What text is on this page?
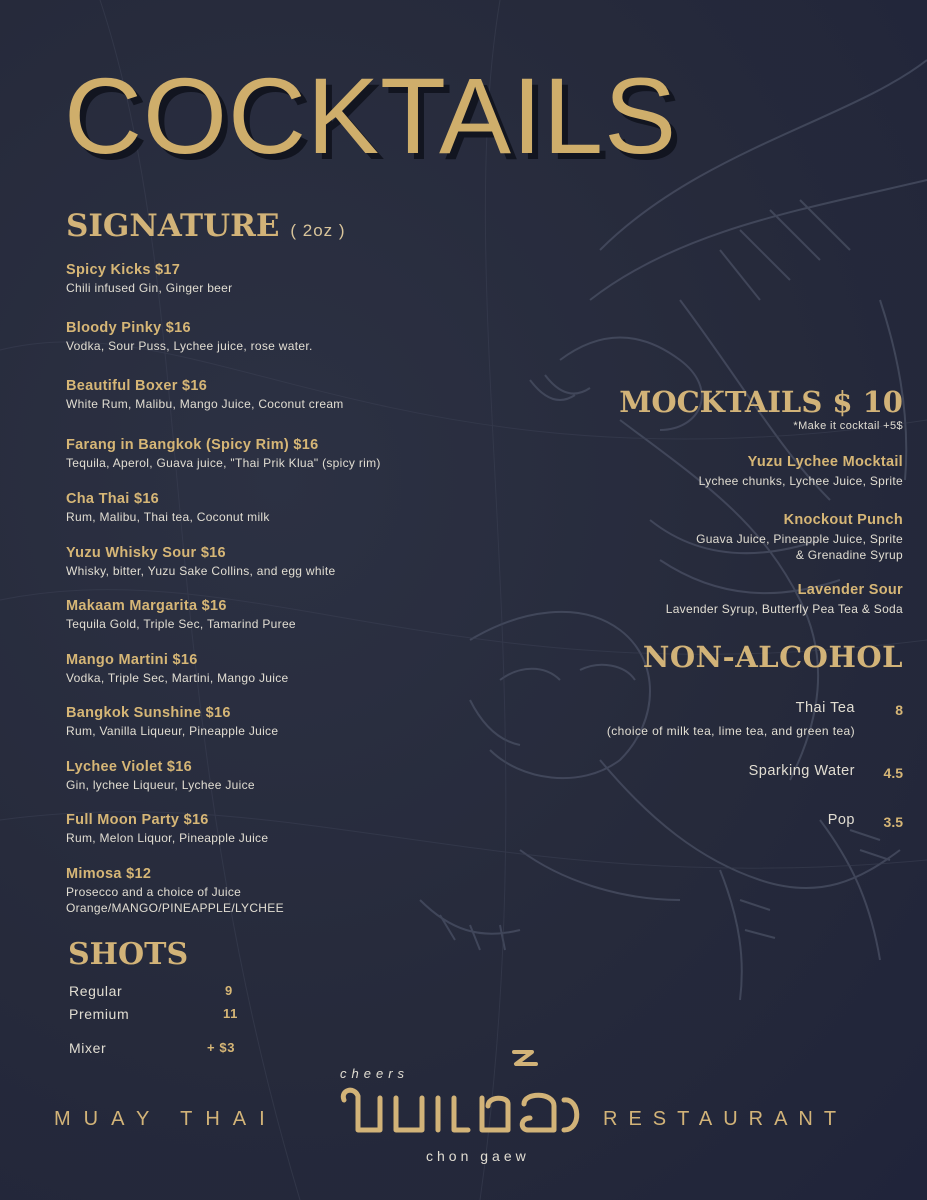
COCKTAILS
SIGNATURE ( 2oz )
Spicy Kicks $17
Chili infused Gin, Ginger beer
Bloody Pinky $16
Vodka, Sour Puss, Lychee juice, rose water.
Beautiful Boxer $16
White Rum, Malibu, Mango Juice, Coconut cream
Farang in Bangkok (Spicy Rim) $16
Tequila, Aperol, Guava juice, "Thai Prik Klua" (spicy rim)
Cha Thai $16
Rum, Malibu, Thai tea, Coconut milk
Yuzu Whisky Sour $16
Whisky, bitter, Yuzu Sake Collins, and egg white
Makaam Margarita $16
Tequila Gold, Triple Sec, Tamarind Puree
Mango Martini $16
Vodka, Triple Sec, Martini, Mango Juice
Bangkok Sunshine $16
Rum, Vanilla Liqueur, Pineapple Juice
Lychee Violet $16
Gin, lychee Liqueur, Lychee Juice
Full Moon Party $16
Rum, Melon Liquor, Pineapple Juice
Mimosa $12
Prosecco and a choice of Juice
Orange/MANGO/PINEAPPLE/LYCHEE
SHOTS
Regular	9
Premium	11
Mixer	+ $3
MOCKTAILS $ 10
*Make it cocktail +5$
Yuzu Lychee Mocktail
Lychee chunks, Lychee Juice, Sprite
Knockout Punch
Guava Juice, Pineapple Juice, Sprite
& Grenadine Syrup
Lavender Sour
Lavender Syrup, Butterfly Pea Tea & Soda
NON-ALCOHOL
Thai Tea	8
(choice of milk tea, lime tea, and green tea)
Sparking Water 4.5
Pop 3.5
MUAY THAI	RESTAURANT
cheers
chon gaew
